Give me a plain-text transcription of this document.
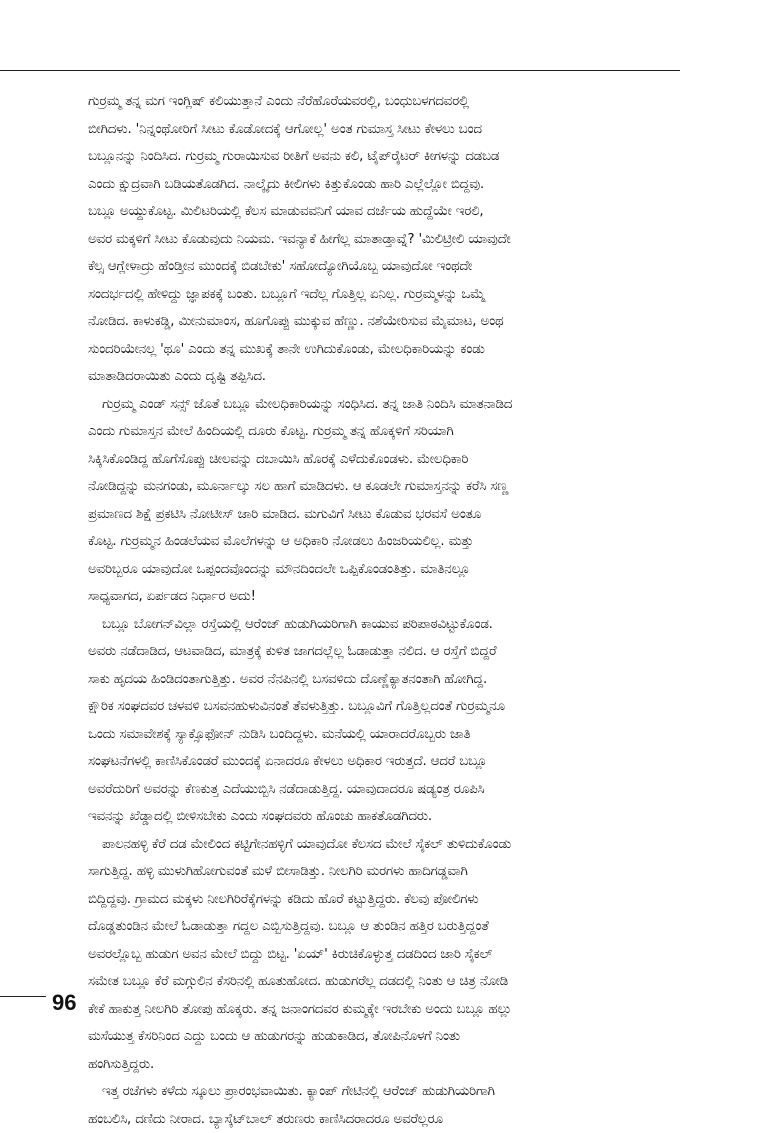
ಗುರ್ರಮ್ಮ ತನ್ನ ಮಗ ಇಂಗ್ಲಿಷ್ ಕಲಿಯುತ್ತಾನೆ ಎಂದು ನೆರೆಹೊರೆಯವರಲ್ಲಿ, ಬಂಧುಬಳಗದವರಲ್ಲಿ
ಬೀಗಿದಳು. 'ನಿನ್ನಂಥೋರಿಗೆ ಸೀಟು ಕೊಡೋದಕ್ಕೆ ಆಗೋಲ್ಲ' ಅಂತ ಗುಮಾಸ್ತ ಸೀಟು ಕೇಳಲು ಬಂದ
ಬಬ್ಲೂನನ್ನು ನಿಂದಿಸಿದ. ಗುರ್ರಮ್ಮ ಗುರಾಯಿಸುವ ರೀತಿಗೆ ಅವನು ಕಲಿ, ಟೈಪ್‌ರೈಟರ್ ಕೀಗಳನ್ನು ದಡಬಡ
ಎಂದು ಕ್ಷುದ್ರವಾಗಿ ಬಡಿಯತೊಡಗಿದ. ನಾಲ್ಕೈದು ಕೀಲಿಗಳು ಕಿತ್ತುಕೊಂಡು ಹಾರಿ ಎಲ್ಲೆಲ್ಲೋ ಬಿದ್ದವು.
ಬಬ್ಲೂ ಅಯ್ದುಕೊಟ್ಟ. ಮಿಲಿಟರಿಯಲ್ಲಿ ಕೆಲಸ ಮಾಡುವವನಿಗೆ ಯಾವ ದರ್ಜೆಯ ಹುದ್ದೆಯೇ ಇರಲಿ,
ಅವರ ಮಕ್ಕಳಿಗೆ ಸೀಟು ಕೊಡುವುದು ನಿಯಮ. ಇವನ್ಯಾಕೆ ಹೀಗೆಲ್ಲ ಮಾತಾಡ್ತಾವ್ನೆ? 'ಮಿಲಿಟ್ರೀಲಿ ಯಾವುದೇ
ಕೆಲ್ಸ ಆಗ್ಲೇಳಾದ್ರು ಹೆಂಡ್ತೀನ ಮುಂದಕ್ಕೆ ಬಿಡಬೇಕು' ಸಹೋದ್ಯೋಗಿಯೊಬ್ಬ ಯಾವುದೋ ಇಂಥದೇ
ಸಂದರ್ಭದಲ್ಲಿ ಹೇಳಿದ್ದು ಜ್ಞಾಪಕಕ್ಕೆ ಬಂತು. ಬಬ್ಲೂಗೆ ಇದೆಲ್ಲ ಗೊತ್ತಿಲ್ಲ ಏನಿಲ್ಲ. ಗುರ್ರಮ್ಮಳನ್ನು ಒಮ್ಮೆ
ನೋಡಿದ. ಕಾಳುಕಡ್ಡಿ, ಮೀನುಮಾಂಸ, ಹೂಗೊಪ್ಪು ಮುಕ್ಕುವ ಹೆಣ್ಣು. ನಶೆಯೇರಿಸುವ ಮೈಮಾಟ, ಅಂಥ
ಸುಂದರಿಯೇನಲ್ಲ 'ಥೂ' ಎಂದು ತನ್ನ ಮುಖಕ್ಕೆ ತಾನೇ ಉಗಿದುಕೊಂಡು, ಮೇಲಧಿಕಾರಿಯನ್ನು ಕಂಡು
ಮಾತಾಡಿದರಾಯಿತು ಎಂದು ದೃಷ್ಟಿ ತಪ್ಪಿಸಿದ.
ಗುರ್ರಮ್ಮ ಎಂಡ್ ಸನ್ಸ್ ಜೊತೆ ಬಬ್ಲೂ ಮೇಲಧಿಕಾರಿಯನ್ನು ಸಂಧಿಸಿದ. ತನ್ನ ಜಾತಿ ನಿಂದಿಸಿ ಮಾತನಾಡಿದ
ಎಂದು ಗುಮಾಸ್ತನ ಮೇಲೆ ಹಿಂದಿಯಲ್ಲಿ ದೂರು ಕೊಟ್ಟ. ಗುರ್ರಮ್ಮ ತನ್ನ ಹೊಕ್ಕಳಿಗೆ ಸರಿಯಾಗಿ
ಸಿಕ್ಕಿಸಿಕೊಂಡಿದ್ದ ಹೊಗೆಸೊಪ್ಪು ಚೀಲವನ್ನು ದಬಾಯಿಸಿ ಹೊರಕ್ಕೆ ಎಳೆದುಕೊಂಡಳು. ಮೇಲಧಿಕಾರಿ
ನೋಡಿದ್ದನ್ನು ಮನಗಂಡು, ಮೂರ್ನಾಲ್ಕು ಸಲ ಹಾಗೆ ಮಾಡಿದಳು. ಆ ಕೂಡಲೇ ಗುಮಾಸ್ತನನ್ನು ಕರೆಸಿ ಸಣ್ಣ
ಪ್ರಮಾಣದ ಶಿಕ್ಷೆ ಪ್ರಕಟಿಸಿ ನೋಟೀಸ್ ಜಾರಿ ಮಾಡಿದ. ಮಗುವಿಗೆ ಸೀಟು ಕೊಡುವ ಭರವಸೆ ಅಂತೂ
ಕೊಟ್ಟ. ಗುರ್ರಮ್ಮನ ಹಿಂಡಲೆಯವ ಮೊಲೆಗಳನ್ನು ಆ ಅಧಿಕಾರಿ ನೋಡಲು ಹಿಂಜರಿಯಲಿಲ್ಲ. ಮತ್ತು
ಅವರಿಬ್ಬರೂ ಯಾವುದೋ ಒಪ್ಪಂದವೊಂದನ್ನು ಮೌನದಿಂದಲೇ ಒಪ್ಪಿಕೊಂಡಂತಿತ್ತು. ಮಾತಿನಲ್ಲೂ
ಸಾಧ್ಯವಾಗದ, ಏರ್ಪಡದ ನಿರ್ಧಾರ ಅದು!
ಬಬ್ಲೂ ಬೋಗನ್‌ವಿಲ್ಲಾ ರಸ್ತೆಯಲ್ಲಿ ಆರೆಂಜ್ ಹುಡುಗಿಯರಿಗಾಗಿ ಕಾಯುವ ಪರಿಪಾಠವಿಟ್ಟುಕೊಂಡ.
ಅವರು ನಡೆದಾಡಿದ, ಆಟವಾಡಿದ, ಮಾತ್ರಕ್ಕೆ ಕುಳಿತ ಜಾಗದಲ್ಲೆಲ್ಲ ಓಡಾಡುತ್ತಾ ನಲಿದ. ಆ ರಸ್ತೆಗೆ ಬಿದ್ದರೆ
ಸಾಕು ಹೃದಯ ಹಿಂಡಿದಂತಾಗುತ್ತಿತ್ತು. ಅವರ ನೆನಪಿನಲ್ಲಿ ಬಸವಳಿದು ದೊಣ್ಣೆಕ್ಯಾತನಂತಾಗಿ ಹೋಗಿದ್ದ.
ಕ್ಷೌರಿಕ ಸಂಘದವರ ಚಳವಳಿ ಬಸವನಹುಳುವಿನಂತೆ ತೆವಳುತ್ತಿತ್ತು. ಬಬ್ಲೂವಿಗೆ ಗೊತ್ತಿಲ್ಲದಂತೆ ಗುರ್ರಮ್ಮನೂ
ಒಂದು ಸಮಾವೇಶಕ್ಕೆ ಸ್ಯಾಕ್ಸೊಫೋನ್ ನುಡಿಸಿ ಬಂದಿದ್ದಳು. ಮನೆಯಲ್ಲಿ ಯಾರಾದರೊಬ್ಬರು ಜಾತಿ
ಸಂಘಟನೆಗಳಲ್ಲಿ ಕಾಣಿಸಿಕೊಂಡರೆ ಮುಂದಕ್ಕೆ ಏನಾದರೂ ಕೇಳಲು ಅಧಿಕಾರ ಇರುತ್ತದೆ. ಆದರೆ ಬಬ್ಲೂ
ಅವರೆದುರಿಗೆ ಅವರನ್ನು ಕೆಣಕುತ್ತ ಎದೆಯುಬ್ಬಿಸಿ ನಡೆದಾಡುತ್ತಿದ್ದ. ಯಾವುದಾದರೂ ಷಡ್ಯಂತ್ರ ರೂಪಿಸಿ
ಇವನನ್ನು ಖೆಡ್ಡಾದಲ್ಲಿ ಬೀಳಿಸಬೇಕು ಎಂದು ಸಂಘದವರು ಹೊಂಚು ಹಾಕತೊಡಗಿದರು.
ಪಾಲನಹಳ್ಳಿ ಕೆರೆ ದಡ ಮೇಲಿಂದ ಕಟ್ಟಿಗೇನಹಳ್ಳಿಗೆ ಯಾವುದೋ ಕೆಲಸದ ಮೇಲೆ ಸೈಕಲ್ ತುಳಿದುಕೊಂಡು
ಸಾಗುತ್ತಿದ್ದ. ಹಳ್ಳಿ ಮುಳುಗಿಹೋಗುವಂತೆ ಮಳೆ ಬೀಸಾಡಿತ್ತು. ನೀಲಗಿರಿ ಮರಗಳು ಹಾದಿಗಡ್ಡವಾಗಿ
ಬಿದ್ದಿದ್ದವು. ಗ್ರಾಮದ ಮಕ್ಕಳು ನೀಲಗಿರಿರೆಕ್ಕೆಗಳನ್ನು ಕಡಿದು ಹೊರೆ ಕಟ್ಟುತ್ತಿದ್ದರು. ಕೆಲವು ಪೋಲಿಗಳು
ದೊಡ್ಡತುಂಡಿನ ಮೇಲೆ ಓಡಾಡುತ್ತಾ ಗದ್ದಲ ಎಬ್ಬಿಸುತ್ತಿದ್ದವು. ಬಬ್ಲೂ ಆ ತುಂಡಿನ ಹತ್ತಿರ ಬರುತ್ತಿದ್ದಂತೆ
ಅವರಲ್ಲೊಬ್ಬ ಹುಡುಗ ಅವನ ಮೇಲೆ ಬಿದ್ದು ಬಿಟ್ಟ. 'ಏಯ್' ಕಿರುಚಿಕೊಳ್ಳುತ್ತ ದಡದಿಂದ ಜಾರಿ ಸೈಕಲ್
ಸಮೇತ ಬಬ್ಲೂ ಕೆರೆ ಮಗ್ಗುಲಿನ ಕೆಸರಿನಲ್ಲಿ ಹೂತುಹೋದ. ಹುಡುಗರೆಲ್ಲ ದಡದಲ್ಲಿ ನಿಂತು ಆ ಚಿತ್ರ ನೋಡಿ
ಕೇಕೆ ಹಾಕುತ್ತ ನೀಲಗಿರಿ ತೋಪು ಹೊಕ್ಕರು. ತನ್ನ ಜನಾಂಗದವರ ಕುಮ್ಮಕ್ಕೇ ಇರಬೇಕು ಅಂದು ಬಬ್ಲೂ ಹಲ್ಲು
ಮಸೆಯುತ್ತ ಕೆಸರಿನಿಂದ ಎದ್ದು ಬಂದು ಆ ಹುಡುಗರನ್ನು ಹುಡುಕಾಡಿದ, ತೋಪಿನೊಳಗೆ ನಿಂತು
ಹಂಗಿಸುತ್ತಿದ್ದರು.
ಇತ್ತ ರಜೆಗಳು ಕಳೆದು ಸ್ಕೂಲು ಪ್ರಾರಂಭವಾಯಿತು. ಕ್ಯಾಂಪ್ ಗೇಟಿನಲ್ಲಿ ಆರೆಂಜ್ ಹುಡುಗಿಯರಿಗಾಗಿ
ಹಂಬಲಿಸಿ, ದಣಿದು ನೀರಾದ. ಬ್ಯಾಸ್ಕೆಟ್‌ಬಾಲ್ ತರುಣರು ಕಾಣಿಸಿದರಾದರೂ ಅವರೆಲ್ಲರೂ
96
